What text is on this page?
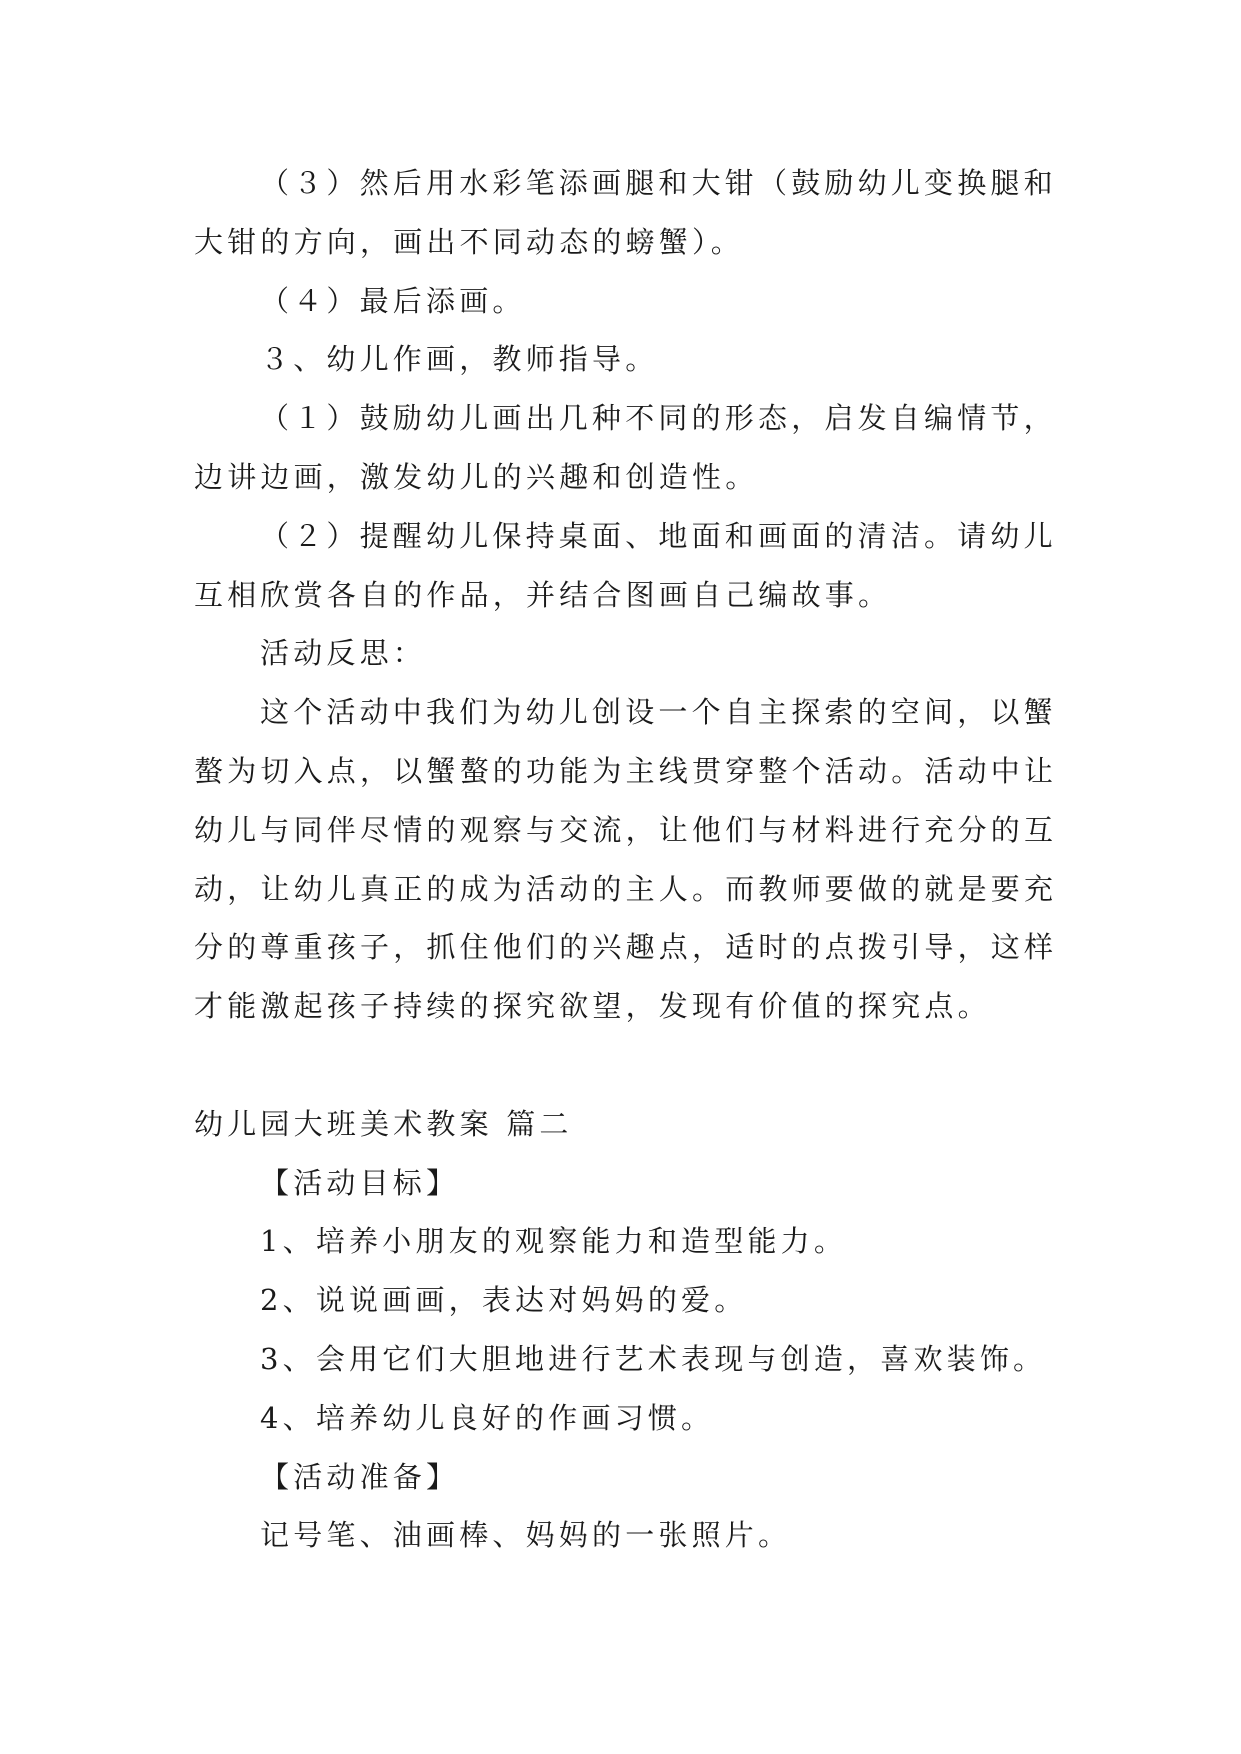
（３）然后用水彩笔添画腿和大钳（鼓励幼儿变换腿和
大钳的方向，画出不同动态的螃蟹）。
（４）最后添画。
３、幼儿作画，教师指导。
（１）鼓励幼儿画出几种不同的形态，启发自编情节，
边讲边画，激发幼儿的兴趣和创造性。
（２）提醒幼儿保持桌面、地面和画面的清洁。请幼儿
互相欣赏各自的作品，并结合图画自己编故事。
活动反思：
这个活动中我们为幼儿创设一个自主探索的空间，以蟹
螯为切入点，以蟹螯的功能为主线贯穿整个活动。活动中让
幼儿与同伴尽情的观察与交流，让他们与材料进行充分的互
动，让幼儿真正的成为活动的主人。而教师要做的就是要充
分的尊重孩子，抓住他们的兴趣点，适时的点拨引导，这样
才能激起孩子持续的探究欲望，发现有价值的探究点。
幼儿园大班美术教案 篇二
【活动目标】
1、培养小朋友的观察能力和造型能力。
2、说说画画，表达对妈妈的爱。
3、会用它们大胆地进行艺术表现与创造，喜欢装饰。
4、培养幼儿良好的作画习惯。
【活动准备】
记号笔、油画棒、妈妈的一张照片。
